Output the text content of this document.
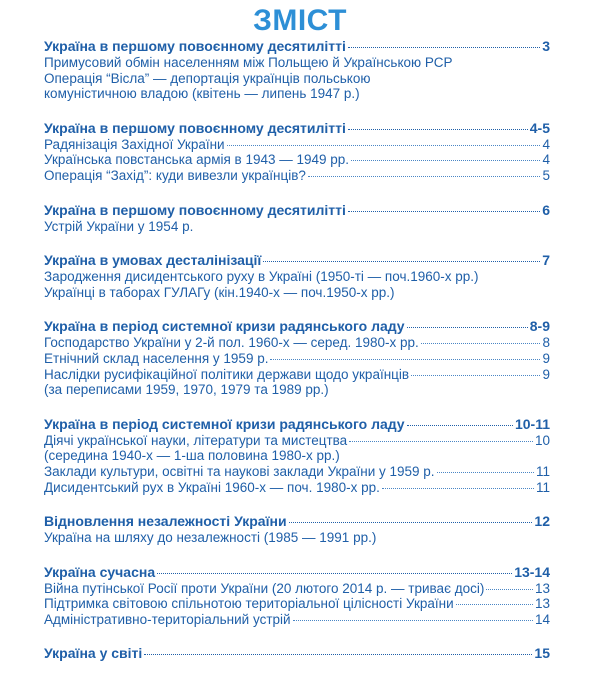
ЗМІСТ
Україна в першому повоєнному десятилітті	3
Примусовий обмін населенням між Польщею й Українською РСР
Операція “Вісла” — депортація українців польською
комуністичною владою (квітень — липень 1947 р.)
Україна в першому повоєнному десятилітті	4-5
Радянізація Західної України	4
Українська повстанська армія в 1943 — 1949 рр.	4
Операція “Захід”: куди вивезли українців?	5
Україна в першому повоєнному десятилітті	6
Устрій України у 1954 р.
Україна в умовах десталінізації	7
Зародження дисидентського руху в Україні (1950-ті — поч.1960-х рр.)
Українці в таборах ГУЛАГу (кін.1940-х — поч.1950-х рр.)
Україна в період системної кризи радянського ладу	8-9
Господарство України у 2-й пол. 1960-х — серед. 1980-х рр.	8
Етнічний склад населення у 1959 р.	9
Наслідки русифікаційної політики держави щодо українців	9
(за переписами 1959, 1970, 1979 та 1989 рр.)
Україна в період системної кризи радянського ладу	10-11
Діячі української науки, літератури та мистецтва	10
(середина 1940-х — 1-ша половина 1980-х рр.)
Заклади культури, освітні та наукові заклади України у 1959 р.	11
Дисидентський рух в Україні 1960-х — поч. 1980-х рр.	11
Відновлення незалежності України	12
Україна на шляху до незалежності (1985 — 1991 рр.)
Україна сучасна	13-14
Війна путінської Росії проти України (20 лютого 2014 р. — триває досі)	13
Підтримка світовою спільнотою територіальної цілісності України	13
Адміністративно-територіальний устрій	14
Україна у світі	15
